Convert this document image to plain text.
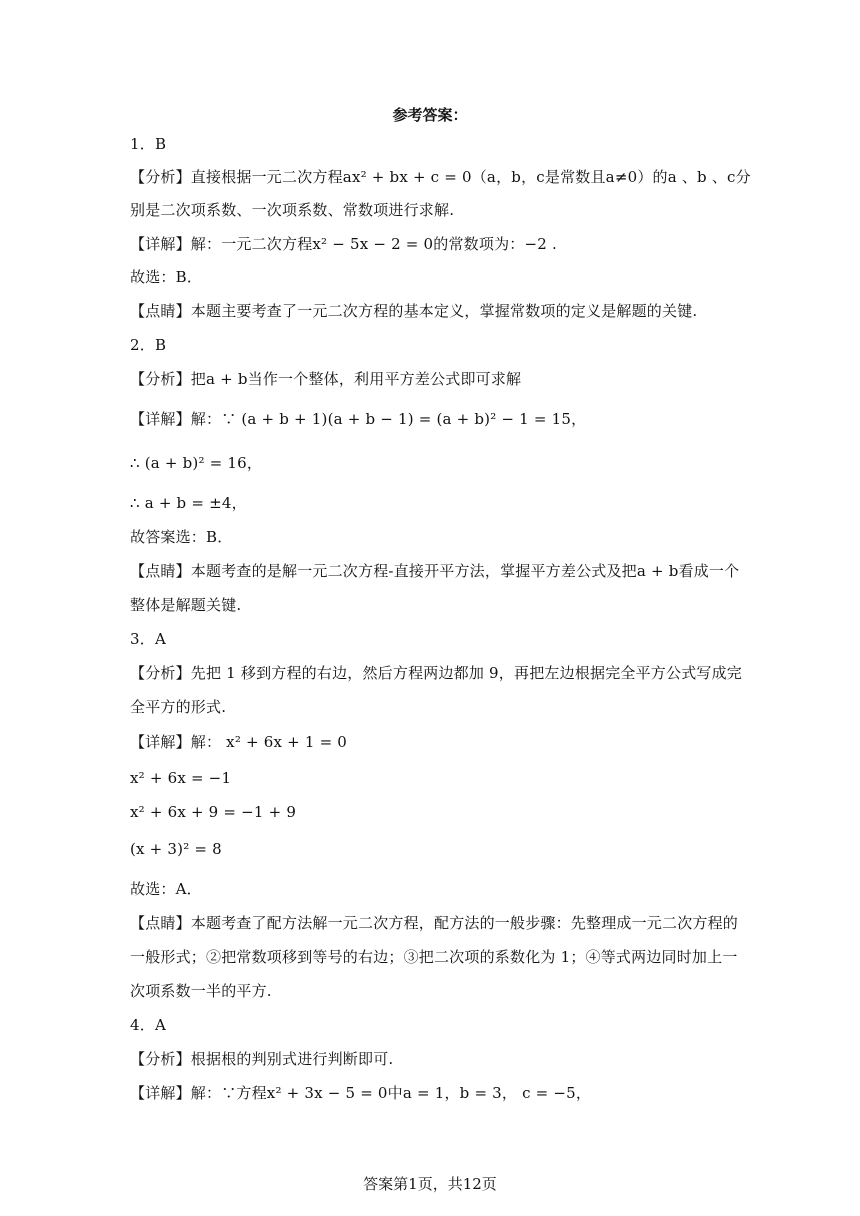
参考答案：
1．B
【分析】直接根据一元二次方程ax² + bx + c = 0（a，b，c是常数且a≠0）的a 、b 、c分
别是二次项系数、一次项系数、常数项进行求解.
【详解】解：一元二次方程x² − 5x − 2 = 0的常数项为：−2 .
故选：B．
【点睛】本题主要考查了一元二次方程的基本定义，掌握常数项的定义是解题的关键.
2．B
【分析】把a + b当作一个整体，利用平方差公式即可求解
【详解】解：∵ (a + b + 1)(a + b − 1) = (a + b)² − 1 = 15，
∴ (a + b)² = 16，
∴ a + b = ±4，
故答案选：B．
【点睛】本题考查的是解一元二次方程-直接开平方法，掌握平方差公式及把a + b看成一个
整体是解题关键.
3．A
【分析】先把 1 移到方程的右边，然后方程两边都加 9，再把左边根据完全平方公式写成完
全平方的形式.
【详解】解： x² + 6x + 1 = 0
x² + 6x = −1
x² + 6x + 9 = −1 + 9
(x + 3)² = 8
故选：A．
【点睛】本题考查了配方法解一元二次方程，配方法的一般步骤：先整理成一元二次方程的
一般形式；②把常数项移到等号的右边；③把二次项的系数化为 1；④等式两边同时加上一
次项系数一半的平方.
4．A
【分析】根据根的判别式进行判断即可.
【详解】解：∵方程x² + 3x − 5 = 0中a = 1，b = 3， c = −5，
答案第1页，共12页
